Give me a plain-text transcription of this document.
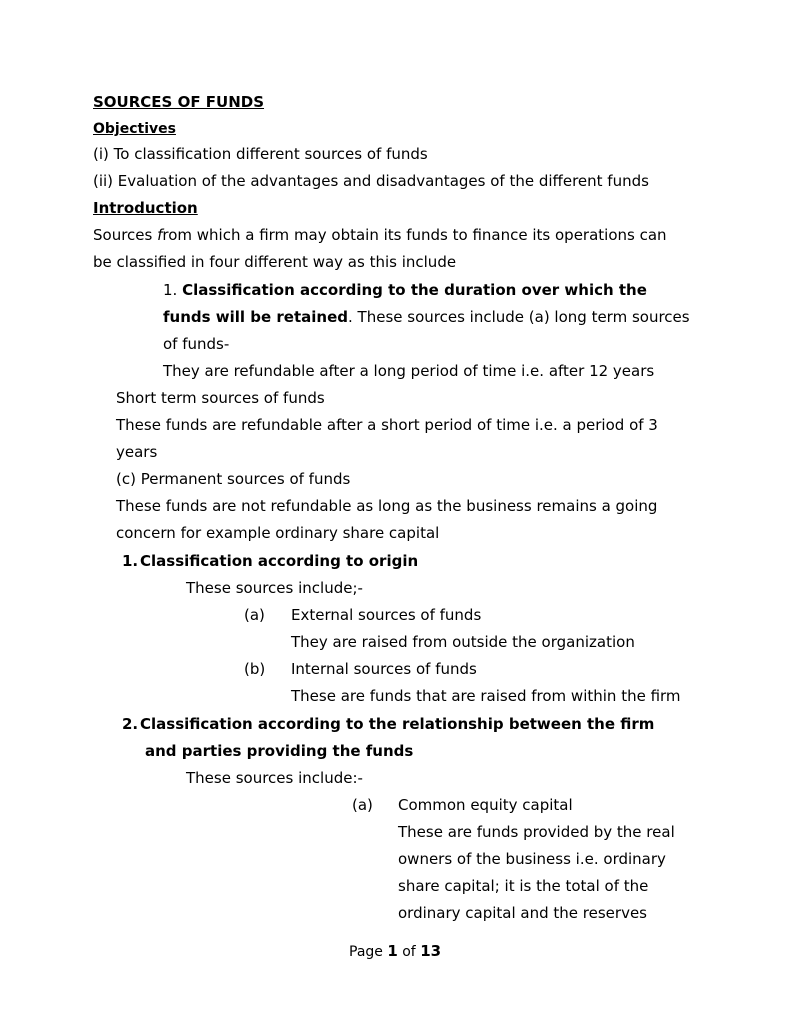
SOURCES OF FUNDS
Objectives
(i) To classification different sources of funds
(ii) Evaluation of the advantages and disadvantages of the different funds
Introduction
Sources from which a firm may obtain its funds to finance its operations can
be classified in four different way as this include
1. Classification according to the duration over which the
funds will be retained. These sources include (a) long term sources
of funds-
They are refundable after a long period of time i.e. after 12 years
Short term sources of funds
These funds are refundable after a short period of time i.e. a period of 3
years
(c) Permanent sources of funds
These funds are not refundable as long as the business remains a going
concern for example ordinary share capital
1. Classification according to origin
These sources include;-
(a) External sources of funds
They are raised from outside the organization
(b) Internal sources of funds
These are funds that are raised from within the firm
2. Classification according to the relationship between the firm
and parties providing the funds
These sources include:-
(a) Common equity capital
These are funds provided by the real
owners of the business i.e. ordinary
share capital; it is the total of the
ordinary capital and the reserves
Page 1 of 13
